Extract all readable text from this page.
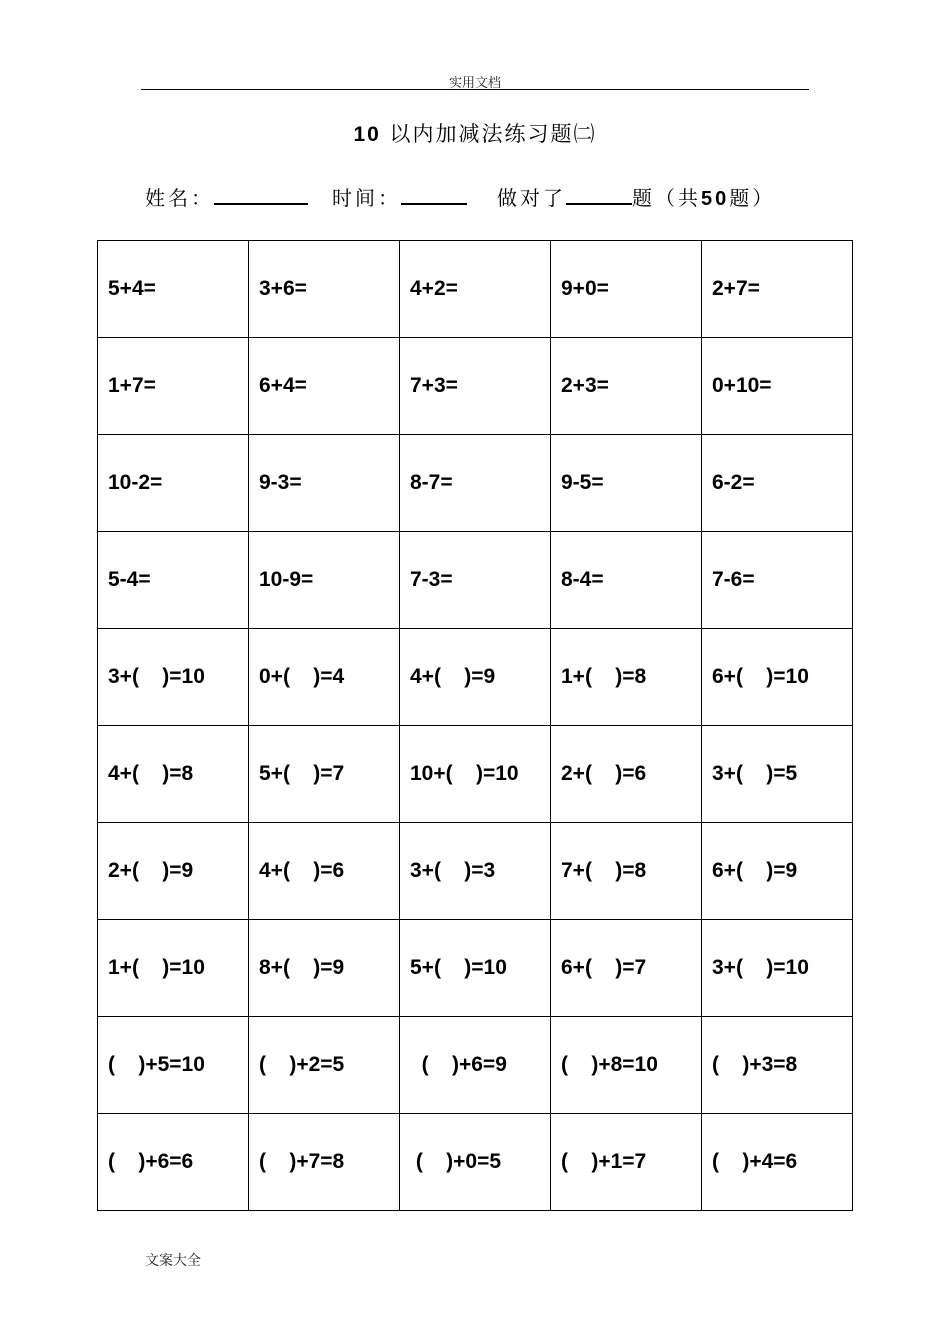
实用文档
10 以内加减法练习题㈡
姓名：	时间：	做对了	题（共50题）
5+4=	3+6=	4+2=	9+0=	2+7=
1+7=	6+4=	7+3=	2+3=	0+10=
10-2=	9-3=	8-7=	9-5=	6-2=
5-4=	10-9=	7-3=	8-4=	7-6=
3+(    )=10	0+(    )=4	4+(    )=9	1+(    )=8	6+(    )=10
4+(    )=8	5+(    )=7	10+(    )=10	2+(    )=6	3+(    )=5
2+(    )=9	4+(    )=6	3+(    )=3	7+(    )=8	6+(    )=9
1+(    )=10	8+(    )=9	5+(    )=10	6+(    )=7	3+(    )=10
(    )+5=10	(    )+2=5	(    )+6=9	(    )+8=10	(    )+3=8
(    )+6=6	(    )+7=8	(    )+0=5	(    )+1=7	(    )+4=6
文案大全
